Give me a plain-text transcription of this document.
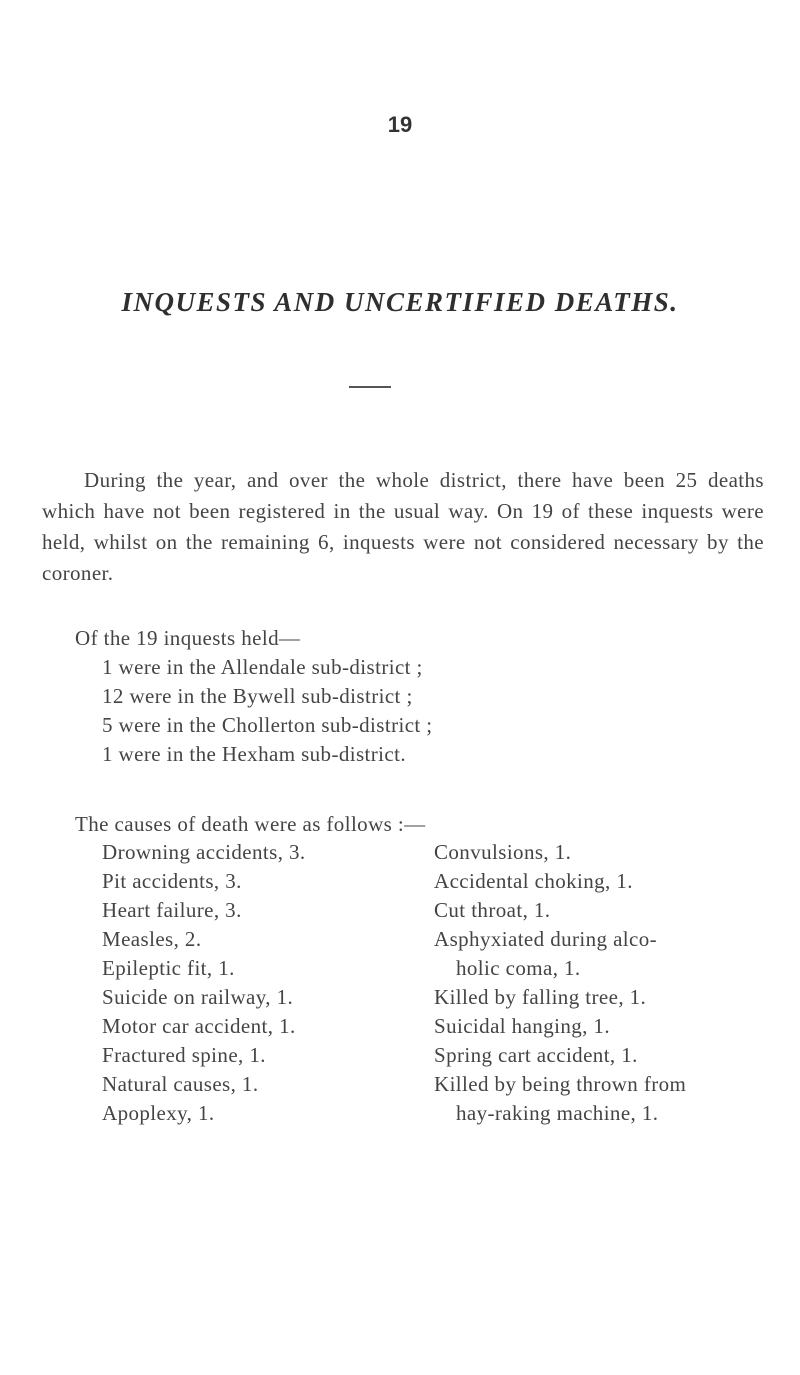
19
INQUESTS AND UNCERTIFIED DEATHS.

During the year, and over the whole district, there have been 25 deaths which have not been registered in the usual way. On 19 of these inquests were held, whilst on the remaining 6, inquests were not considered necessary by the coroner.

Of the 19 inquests held—

1 were in the Allendale sub-district ;
12 were in the Bywell sub-district ;
5 were in the Chollerton sub-district ;
1 were in the Hexham sub-district.
The causes of death were as follows :—
Drowning accidents, 3.
Pit accidents, 3.
Heart failure, 3.
Measles, 2.
Epileptic fit, 1.
Suicide on railway, 1.
Motor car accident, 1.
Fractured spine, 1.
Natural causes, 1.
Apoplexy, 1.
Convulsions, 1.
Accidental choking, 1.
Cut throat, 1.
Asphyxiated during alco-
holic coma, 1.
Killed by falling tree, 1.
Suicidal hanging, 1.
Spring cart accident, 1.
Killed by being thrown from
hay-raking machine, 1.
